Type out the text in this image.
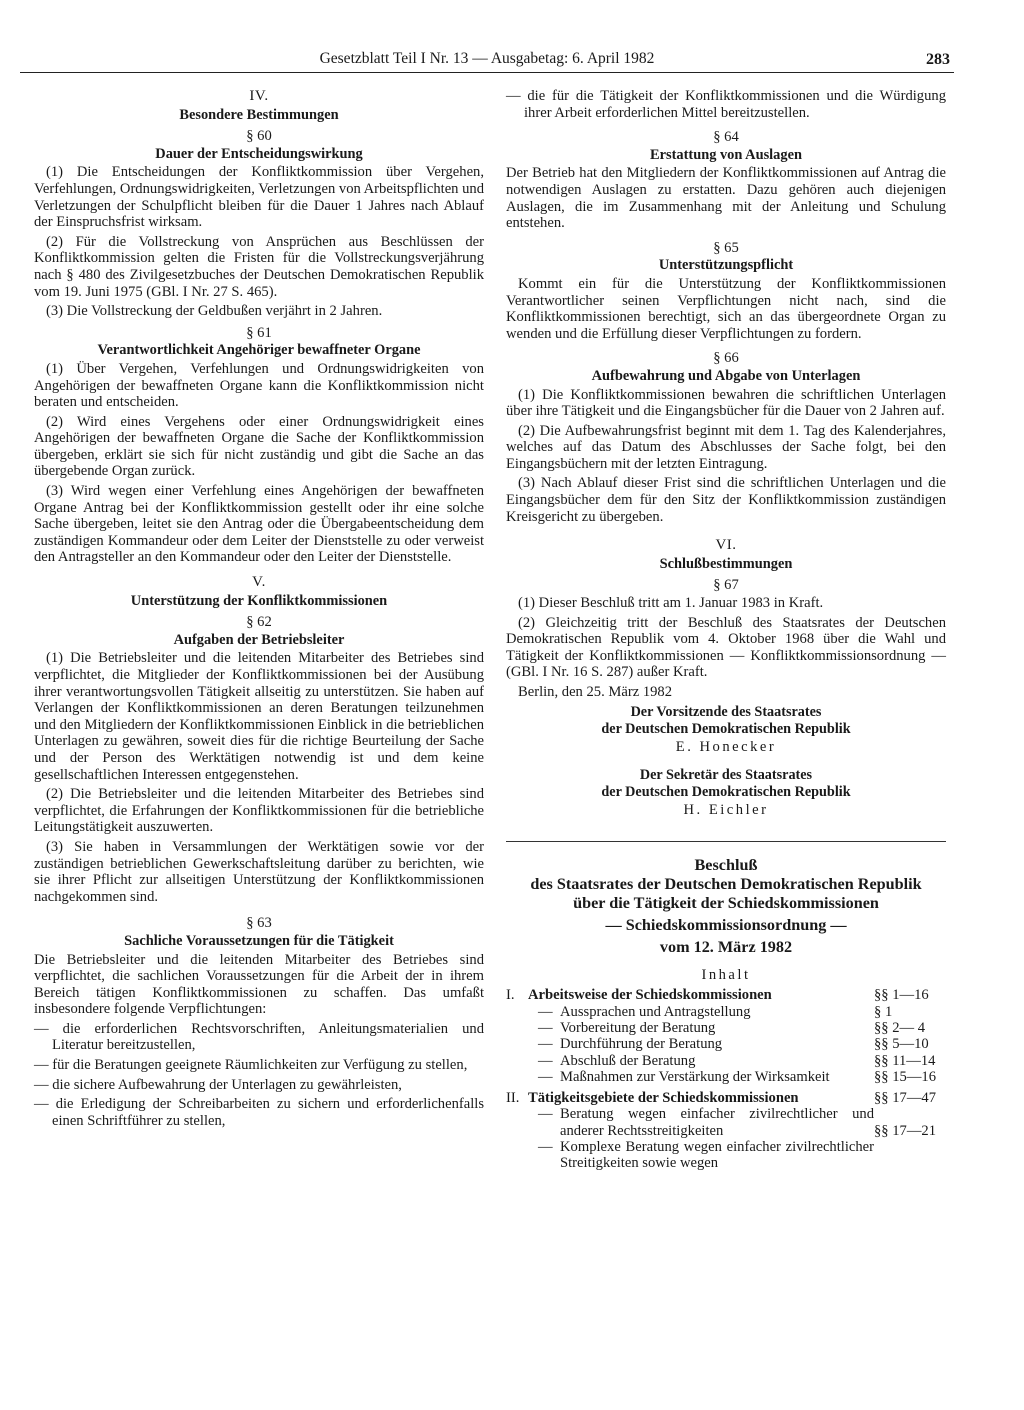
Gesetzblatt Teil I Nr. 13 — Ausgabetag: 6. April 1982	283
IV.
Besondere Bestimmungen
§ 60
Dauer der Entscheidungswirkung

(1) Die Entscheidungen der Konfliktkommission über Vergehen, Verfehlungen, Ordnungswidrigkeiten, Verletzungen von Arbeitspflichten und Verletzungen der Schulpflicht bleiben für die Dauer 1 Jahres nach Ablauf der Einspruchsfrist wirksam.

(2) Für die Vollstreckung von Ansprüchen aus Beschlüssen der Konfliktkommission gelten die Fristen für die Vollstreckungsverjährung nach § 480 des Zivilgesetzbuches der Deutschen Demokratischen Republik vom 19. Juni 1975 (GBl. I Nr. 27 S. 465).

(3) Die Vollstreckung der Geldbußen verjährt in 2 Jahren.

§ 61
Verantwortlichkeit Angehöriger bewaffneter Organe

(1) Über Vergehen, Verfehlungen und Ordnungswidrigkeiten von Angehörigen der bewaffneten Organe kann die Konfliktkommission nicht beraten und entscheiden.

(2) Wird eines Vergehens oder einer Ordnungswidrigkeit eines Angehörigen der bewaffneten Organe die Sache der Konfliktkommission übergeben, erklärt sie sich für nicht zuständig und gibt die Sache an das übergebende Organ zurück.

(3) Wird wegen einer Verfehlung eines Angehörigen der bewaffneten Organe Antrag bei der Konfliktkommission gestellt oder ihr eine solche Sache übergeben, leitet sie den Antrag oder die Übergabeentscheidung dem zuständigen Kommandeur oder dem Leiter der Dienststelle zu oder verweist den Antragsteller an den Kommandeur oder den Leiter der Dienststelle.

V.
Unterstützung der Konfliktkommissionen
§ 62
Aufgaben der Betriebsleiter

(1) Die Betriebsleiter und die leitenden Mitarbeiter des Betriebes sind verpflichtet, die Mitglieder der Konfliktkommissionen bei der Ausübung ihrer verantwortungsvollen Tätigkeit allseitig zu unterstützen. Sie haben auf Verlangen der Konfliktkommissionen an deren Beratungen teilzunehmen und den Mitgliedern der Konfliktkommissionen Einblick in die betrieblichen Unterlagen zu gewähren, soweit dies für die richtige Beurteilung der Sache und der Person des Werktätigen notwendig ist und dem keine gesellschaftlichen Interessen entgegenstehen.

(2) Die Betriebsleiter und die leitenden Mitarbeiter des Betriebes sind verpflichtet, die Erfahrungen der Konfliktkommissionen für die betriebliche Leitungstätigkeit auszuwerten.

(3) Sie haben in Versammlungen der Werktätigen sowie vor der zuständigen betrieblichen Gewerkschaftsleitung darüber zu berichten, wie sie ihrer Pflicht zur allseitigen Unterstützung der Konfliktkommissionen nachgekommen sind.

§ 63
Sachliche Voraussetzungen für die Tätigkeit

Die Betriebsleiter und die leitenden Mitarbeiter des Betriebes sind verpflichtet, die sachlichen Voraussetzungen für die Arbeit der in ihrem Bereich tätigen Konfliktkommissionen zu schaffen. Das umfaßt insbesondere folgende Verpflichtungen:

— die erforderlichen Rechtsvorschriften, Anleitungsmaterialien und Literatur bereitzustellen,

— für die Beratungen geeignete Räumlichkeiten zur Verfügung zu stellen,

— die sichere Aufbewahrung der Unterlagen zu gewährleisten,

— die Erledigung der Schreibarbeiten zu sichern und erforderlichenfalls einen Schriftführer zu stellen,

— die für die Tätigkeit der Konfliktkommissionen und die Würdigung ihrer Arbeit erforderlichen Mittel bereitzustellen.

§ 64
Erstattung von Auslagen

Der Betrieb hat den Mitgliedern der Konfliktkommissionen auf Antrag die notwendigen Auslagen zu erstatten. Dazu gehören auch diejenigen Auslagen, die im Zusammenhang mit der Anleitung und Schulung entstehen.

§ 65
Unterstützungspflicht

Kommt ein für die Unterstützung der Konfliktkommissionen Verantwortlicher seinen Verpflichtungen nicht nach, sind die Konfliktkommissionen berechtigt, sich an das übergeordnete Organ zu wenden und die Erfüllung dieser Verpflichtungen zu fordern.

§ 66
Aufbewahrung und Abgabe von Unterlagen

(1) Die Konfliktkommissionen bewahren die schriftlichen Unterlagen über ihre Tätigkeit und die Eingangsbücher für die Dauer von 2 Jahren auf.

(2) Die Aufbewahrungsfrist beginnt mit dem 1. Tag des Kalenderjahres, welches auf das Datum des Abschlusses der Sache folgt, bei den Eingangsbüchern mit der letzten Eintragung.

(3) Nach Ablauf dieser Frist sind die schriftlichen Unterlagen und die Eingangsbücher dem für den Sitz der Konfliktkommission zuständigen Kreisgericht zu übergeben.

VI.
Schlußbestimmungen
§ 67

(1) Dieser Beschluß tritt am 1. Januar 1983 in Kraft.

(2) Gleichzeitig tritt der Beschluß des Staatsrates der Deutschen Demokratischen Republik vom 4. Oktober 1968 über die Wahl und Tätigkeit der Konfliktkommissionen — Konfliktkommissionsordnung — (GBl. I Nr. 16 S. 287) außer Kraft.

Berlin, den 25. März 1982

Der Vorsitzende des Staatsrates
der Deutschen Demokratischen Republik
E. Honecker
Der Sekretär des Staatsrates
der Deutschen Demokratischen Republik
H. Eichler
Beschluß
des Staatsrates der Deutschen Demokratischen Republik
über die Tätigkeit der Schiedskommissionen
— Schiedskommissionsordnung —
vom 12. März 1982
Inhalt
I.	Arbeitsweise der Schiedskommissionen		§§ 1—16
	—	Aussprachen und Antragstellung	§ 1
	—	Vorbereitung der Beratung	§§ 2— 4
	—	Durchführung der Beratung	§§ 5—10
	—	Abschluß der Beratung	§§ 11—14
	—	Maßnahmen zur Verstärkung der Wirksamkeit	§§ 15—16
II.	Tätigkeitsgebiete der Schiedskommissionen		§§ 17—47
	—	Beratung wegen einfacher zivilrechtlicher und anderer Rechtsstreitigkeiten	§§ 17—21
	—	Komplexe Beratung wegen einfacher zivilrechtlicher Streitigkeiten sowie wegen	
